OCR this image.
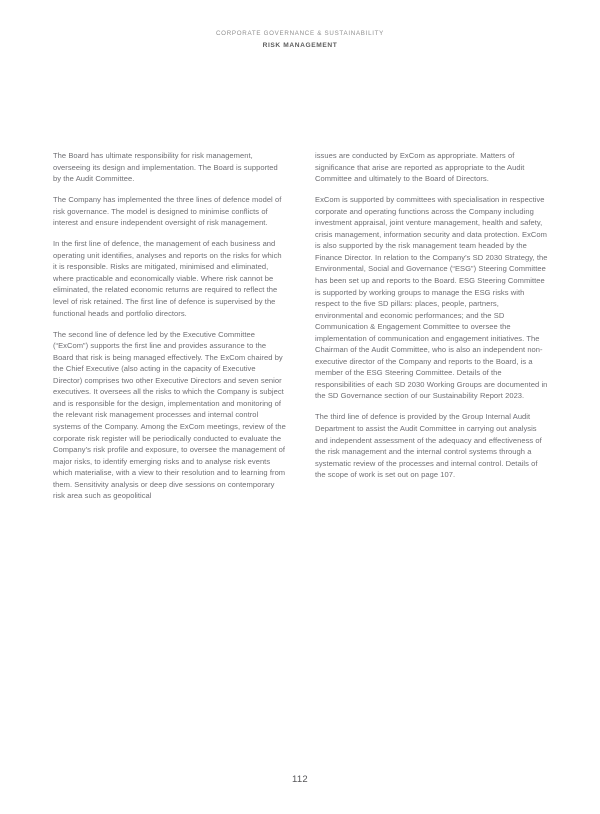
CORPORATE GOVERNANCE & SUSTAINABILITY
RISK MANAGEMENT

The Board has ultimate responsibility for risk management, overseeing its design and implementation. The Board is supported by the Audit Committee.

The Company has implemented the three lines of defence model of risk governance. The model is designed to minimise conflicts of interest and ensure independent oversight of risk management.

In the first line of defence, the management of each business and operating unit identifies, analyses and reports on the risks for which it is responsible. Risks are mitigated, minimised and eliminated, where practicable and economically viable. Where risk cannot be eliminated, the related economic returns are required to reflect the level of risk retained. The first line of defence is supervised by the functional heads and portfolio directors.

The second line of defence led by the Executive Committee (“ExCom”) supports the first line and provides assurance to the Board that risk is being managed effectively. The ExCom chaired by the Chief Executive (also acting in the capacity of Executive Director) comprises two other Executive Directors and seven senior executives. It oversees all the risks to which the Company is subject and is responsible for the design, implementation and monitoring of the relevant risk management processes and internal control systems of the Company. Among the ExCom meetings, review of the corporate risk register will be periodically conducted to evaluate the Company’s risk profile and exposure, to oversee the management of major risks, to identify emerging risks and to analyse risk events which materialise, with a view to their resolution and to learning from them. Sensitivity analysis or deep dive sessions on contemporary risk area such as geopolitical

issues are conducted by ExCom as appropriate. Matters of significance that arise are reported as appropriate to the Audit Committee and ultimately to the Board of Directors.

ExCom is supported by committees with specialisation in respective corporate and operating functions across the Company including investment appraisal, joint venture management, health and safety, crisis management, information security and data protection. ExCom is also supported by the risk management team headed by the Finance Director. In relation to the Company’s SD 2030 Strategy, the Environmental, Social and Governance (“ESG”) Steering Committee has been set up and reports to the Board. ESG Steering Committee is supported by working groups to manage the ESG risks with respect to the five SD pillars: places, people, partners, environmental and economic performances; and the SD Communication & Engagement Committee to oversee the implementation of communication and engagement initiatives. The Chairman of the Audit Committee, who is also an independent non-executive director of the Company and reports to the Board, is a member of the ESG Steering Committee. Details of the responsibilities of each SD 2030 Working Groups are documented in the SD Governance section of our Sustainability Report 2023.

The third line of defence is provided by the Group Internal Audit Department to assist the Audit Committee in carrying out analysis and independent assessment of the adequacy and effectiveness of the risk management and the internal control systems through a systematic review of the processes and internal control. Details of the scope of work is set out on page 107.

112
